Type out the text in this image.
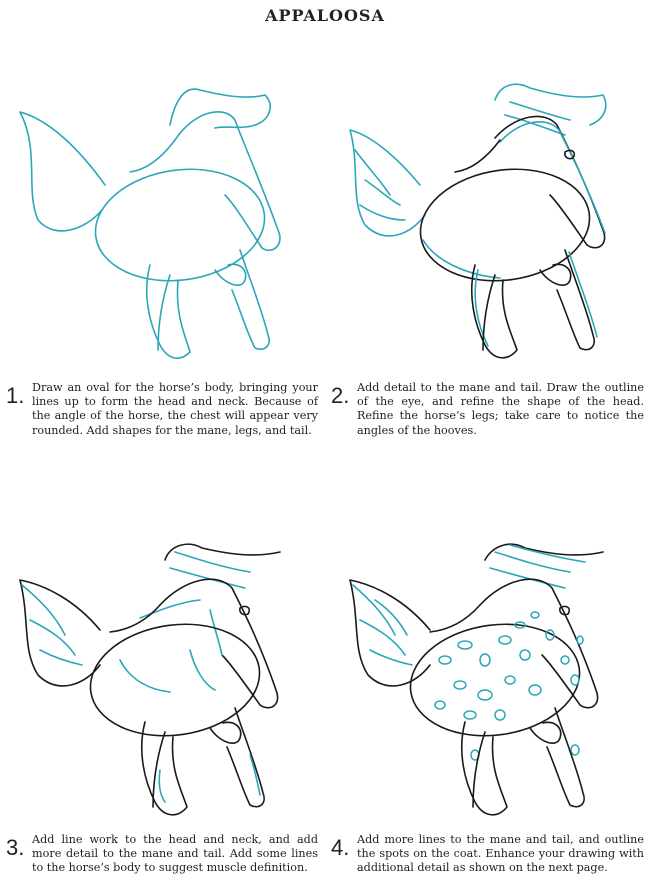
APPALOOSA
1. Draw an oval for the horse’s body, bringing your lines up to form the head and neck. Because of the angle of the horse, the chest will appear very rounded. Add shapes for the mane, legs, and tail.
2. Add detail to the mane and tail. Draw the outline of the eye, and refine the shape of the head. Refine the horse’s legs; take care to notice the angles of the hooves.
3. Add line work to the head and neck, and add more detail to the mane and tail. Add some lines to the horse’s body to suggest muscle definition.
4. Add more lines to the mane and tail, and outline the spots on the coat. Enhance your drawing with additional detail as shown on the next page.
